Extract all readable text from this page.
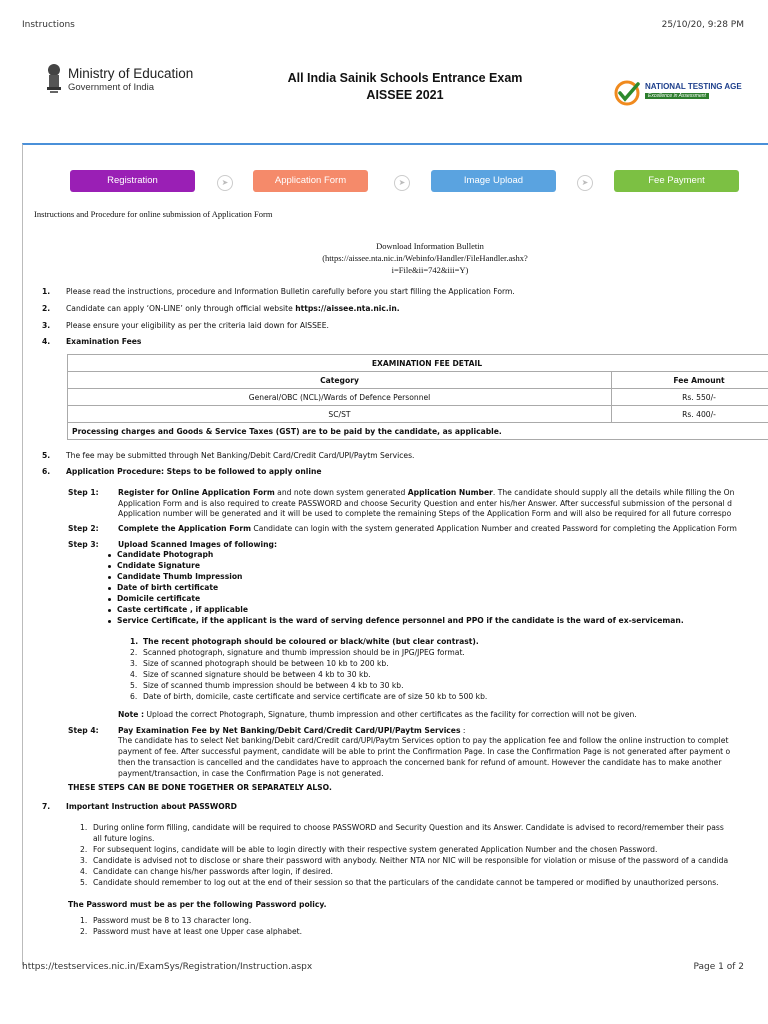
Instructions	25/10/20, 9:28 PM
Ministry of Education
Government of India
All India Sainik Schools Entrance Exam
AISSEE 2021
NATIONAL TESTING AGE
Excellence in Assessment
Registration	➤	Application Form	➤	Image Upload	➤	Fee Payment
Instructions and Procedure for online submission of Application Form
Download Information Bulletin
(https://aissee.nta.nic.in/Webinfo/Handler/FileHandler.ashx?
i=File&ii=742&iii=Y)
1. Please read the instructions, procedure and Information Bulletin carefully before you start filling the Application Form.
2. Candidate can apply ‘ON-LINE’ only through official website https://aissee.nta.nic.in.
3. Please ensure your eligibility as per the criteria laid down for AISSEE.
4. Examination Fees
EXAMINATION FEE DETAIL	
Category	Fee Amount
General/OBC (NCL)/Wards of Defence Personnel	Rs. 550/-
SC/ST	Rs. 400/-
Processing charges and Goods & Service Taxes (GST) are to be paid by the candidate, as applicable.	
5. The fee may be submitted through Net Banking/Debit Card/Credit Card/UPI/Paytm Services.
6. Application Procedure: Steps to be followed to apply online
Step 1:	Register for Online Application Form and note down system generated Application Number. The candidate should supply all the details while filling the On
Application Form and is also required to create PASSWORD and choose Security Question and enter his/her Answer. After successful submission of the personal d
Application number will be generated and it will be used to complete the remaining Steps of the Application Form and will also be required for all future correspo
Step 2:	Complete the Application Form Candidate can login with the system generated Application Number and created Password for completing the Application Form
Step 3:	Upload Scanned Images of following:
Candidate Photograph
Cndidate Signature
Candidate Thumb Impression
Date of birth certificate
Domicile certificate
Caste certificate , if applicable
Service Certificate, if the applicant is the ward of serving defence personnel and PPO if the candidate is the ward of ex-serviceman.
1. The recent photograph should be coloured or black/white (but clear contrast).
2. Scanned photograph, signature and thumb impression should be in JPG/JPEG format.
3. Size of scanned photograph should be between 10 kb to 200 kb.
4. Size of scanned signature should be between 4 kb to 30 kb.
5. Size of scanned thumb impression should be between 4 kb to 30 kb.
6. Date of birth, domicile, caste certificate and service certificate are of size 50 kb to 500 kb.
Note : Upload the correct Photograph, Signature, thumb impression and other certificates as the facility for correction will not be given.
Step 4:	Pay Examination Fee by Net Banking/Debit Card/Credit Card/UPI/Paytm Services :
The candidate has to select Net banking/Debit card/Credit card/UPI/Paytm Services option to pay the application fee and follow the online instruction to complet
payment of fee. After successful payment, candidate will be able to print the Confirmation Page. In case the Confirmation Page is not generated after payment o
then the transaction is cancelled and the candidates have to approach the concerned bank for refund of amount. However the candidate has to make another
payment/transaction, in case the Confirmation Page is not generated.
THESE STEPS CAN BE DONE TOGETHER OR SEPARATELY ALSO.
7. Important Instruction about PASSWORD
1. During online form filling, candidate will be required to choose PASSWORD and Security Question and its Answer. Candidate is advised to record/remember their pass
all future logins.
2. For subsequent logins, candidate will be able to login directly with their respective system generated Application Number and the chosen Password.
3. Candidate is advised not to disclose or share their password with anybody. Neither NTA nor NIC will be responsible for violation or misuse of the password of a candida
4. Candidate can change his/her passwords after login, if desired.
5. Candidate should remember to log out at the end of their session so that the particulars of the candidate cannot be tampered or modified by unauthorized persons.
The Password must be as per the following Password policy.
1. Password must be 8 to 13 character long.
2. Password must have at least one Upper case alphabet.
https://testservices.nic.in/ExamSys/Registration/Instruction.aspx	Page 1 of 2
